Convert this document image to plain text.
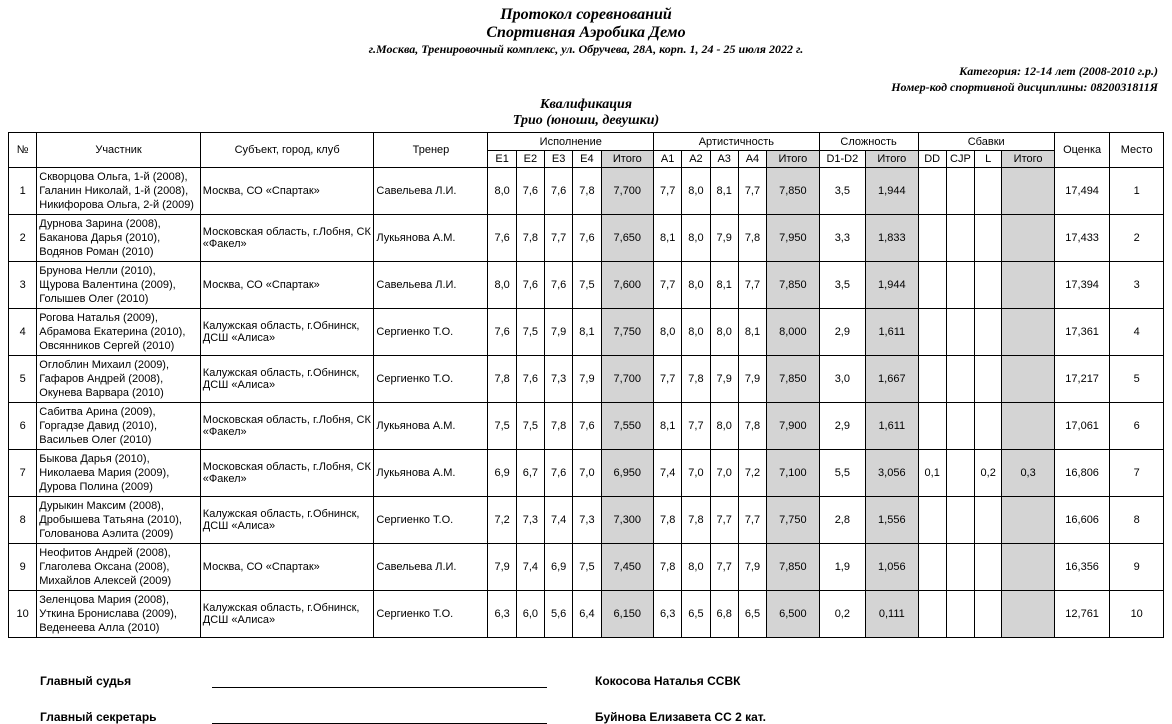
Протокол соревнований
Спортивная Аэробика Демо
г.Москва, Тренировочный комплекс, ул. Обручева, 28А, корп. 1, 24 - 25 июля 2022 г.
Категория: 12-14 лет (2008-2010 г.р.)
Номер-код спортивной дисциплины: 0820031811Я
Квалификация
Трио (юноши, девушки)
№	Участник	Субъект, город, клуб	Тренер	Исполнение					Артистичность					Сложность		Сбавки				Оценка	Место
				Е1	Е2	Е3	Е4	Итого	А1	А2	А3	А4	Итого	D1-D2	Итого	DD	CJP	L	Итого		
1	Скворцова Ольга, 1-й (2008),
Галанин Николай, 1-й (2008),
Никифорова Ольга, 2-й (2009)	Москва, СО «Спартак»	Савельева Л.И.	8,0	7,6	7,6	7,8	7,700	7,7	8,0	8,1	7,7	7,850	3,5	1,944					17,494	1
2	Дурнова Зарина (2008),
Баканова Дарья (2010),
Водянов Роман (2010)	Московская область, г.Лобня, СК «Факел»	Лукьянова А.М.	7,6	7,8	7,7	7,6	7,650	8,1	8,0	7,9	7,8	7,950	3,3	1,833					17,433	2
3	Брунова Нелли (2010),
Щурова Валентина (2009),
Голышев Олег (2010)	Москва, СО «Спартак»	Савельева Л.И.	8,0	7,6	7,6	7,5	7,600	7,7	8,0	8,1	7,7	7,850	3,5	1,944					17,394	3
4	Рогова Наталья (2009),
Абрамова Екатерина (2010),
Овсянников Сергей (2010)	Калужская область, г.Обнинск, ДСШ «Алиса»	Сергиенко Т.О.	7,6	7,5	7,9	8,1	7,750	8,0	8,0	8,0	8,1	8,000	2,9	1,611					17,361	4
5	Оглоблин Михаил (2009),
Гафаров Андрей (2008),
Окунева Варвара (2010)	Калужская область, г.Обнинск, ДСШ «Алиса»	Сергиенко Т.О.	7,8	7,6	7,3	7,9	7,700	7,7	7,8	7,9	7,9	7,850	3,0	1,667					17,217	5
6	Сабитва Арина (2009),
Горгадзе Давид (2010),
Васильев Олег (2010)	Московская область, г.Лобня, СК «Факел»	Лукьянова А.М.	7,5	7,5	7,8	7,6	7,550	8,1	7,7	8,0	7,8	7,900	2,9	1,611					17,061	6
7	Быкова Дарья (2010),
Николаева Мария (2009),
Дурова Полина (2009)	Московская область, г.Лобня, СК «Факел»	Лукьянова А.М.	6,9	6,7	7,6	7,0	6,950	7,4	7,0	7,0	7,2	7,100	5,5	3,056	0,1		0,2	0,3	16,806	7
8	Дурыкин Максим (2008),
Дробышева Татьяна (2010),
Голованова Аэлита (2009)	Калужская область, г.Обнинск, ДСШ «Алиса»	Сергиенко Т.О.	7,2	7,3	7,4	7,3	7,300	7,8	7,8	7,7	7,7	7,750	2,8	1,556					16,606	8
9	Неофитов Андрей (2008),
Глаголева Оксана (2008),
Михайлов Алексей (2009)	Москва, СО «Спартак»	Савельева Л.И.	7,9	7,4	6,9	7,5	7,450	7,8	8,0	7,7	7,9	7,850	1,9	1,056					16,356	9
10	Зеленцова Мария (2008),
Уткина Бронислава (2009),
Веденеева Алла (2010)	Калужская область, г.Обнинск, ДСШ «Алиса»	Сергиенко Т.О.	6,3	6,0	5,6	6,4	6,150	6,3	6,5	6,8	6,5	6,500	0,2	0,111					12,761	10
Главный судья	Кокосова Наталья ССВК
Главный секретарь	Буйнова Елизавета СС 2 кат.
